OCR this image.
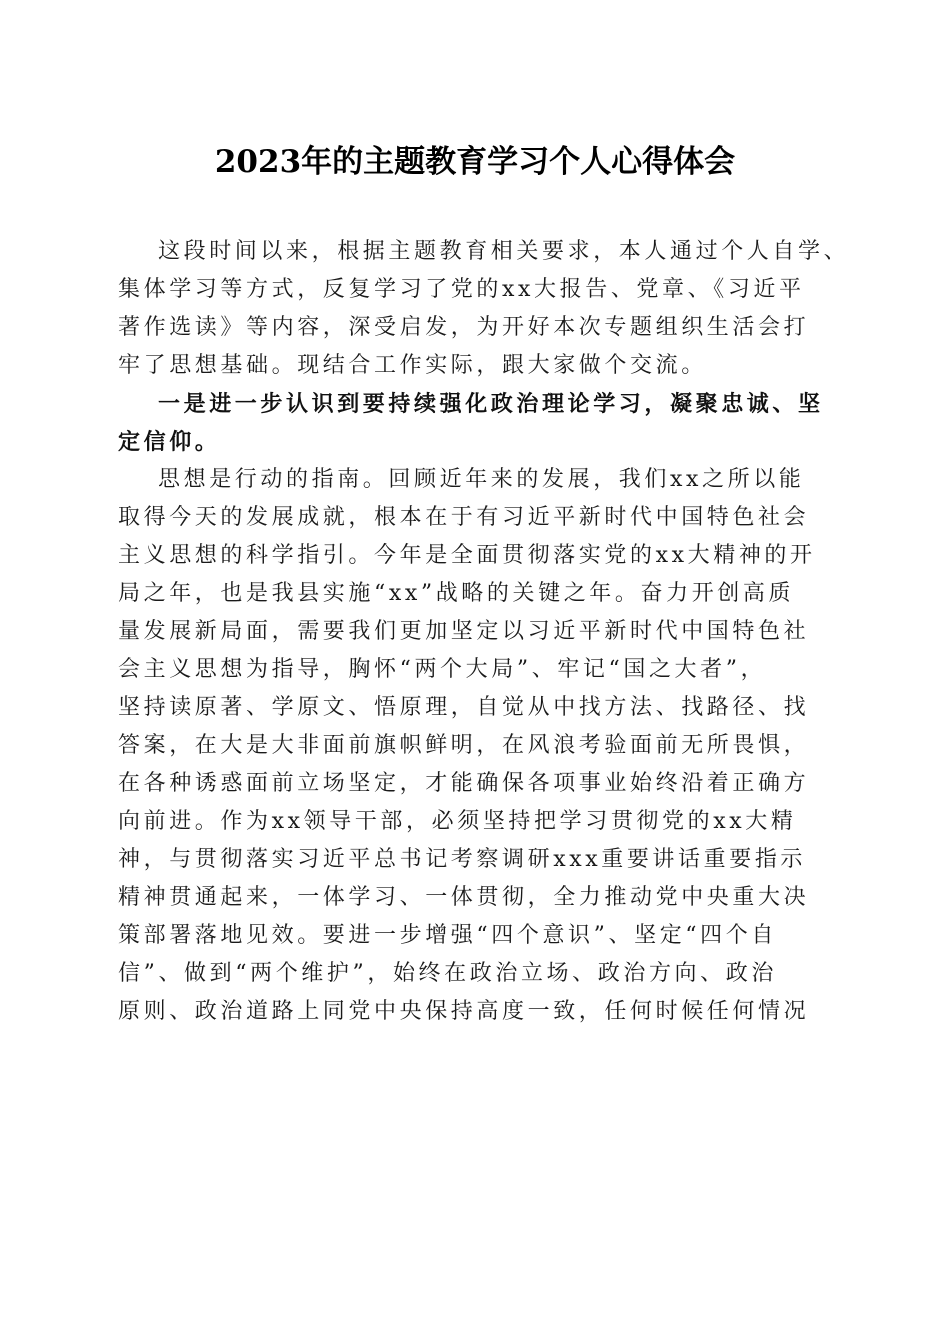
2023年的主题教育学习个人心得体会
这段时间以来，根据主题教育相关要求，本人通过个人自学、
集体学习等方式，反复学习了党的xx大报告、党章、《习近平
著作选读》等内容，深受启发，为开好本次专题组织生活会打
牢了思想基础。现结合工作实际，跟大家做个交流。
一是进一步认识到要持续强化政治理论学习，凝聚忠诚、坚
定信仰。
思想是行动的指南。回顾近年来的发展，我们xx之所以能
取得今天的发展成就，根本在于有习近平新时代中国特色社会
主义思想的科学指引。今年是全面贯彻落实党的xx大精神的开
局之年，也是我县实施“xx”战略的关键之年。奋力开创高质
量发展新局面，需要我们更加坚定以习近平新时代中国特色社
会主义思想为指导，胸怀“两个大局”、牢记“国之大者”，
坚持读原著、学原文、悟原理，自觉从中找方法、找路径、找
答案，在大是大非面前旗帜鲜明，在风浪考验面前无所畏惧，
在各种诱惑面前立场坚定，才能确保各项事业始终沿着正确方
向前进。作为xx领导干部，必须坚持把学习贯彻党的xx大精
神，与贯彻落实习近平总书记考察调研xxx重要讲话重要指示
精神贯通起来，一体学习、一体贯彻，全力推动党中央重大决
策部署落地见效。要进一步增强“四个意识”、坚定“四个自
信”、做到“两个维护”，始终在政治立场、政治方向、政治
原则、政治道路上同党中央保持高度一致，任何时候任何情况
